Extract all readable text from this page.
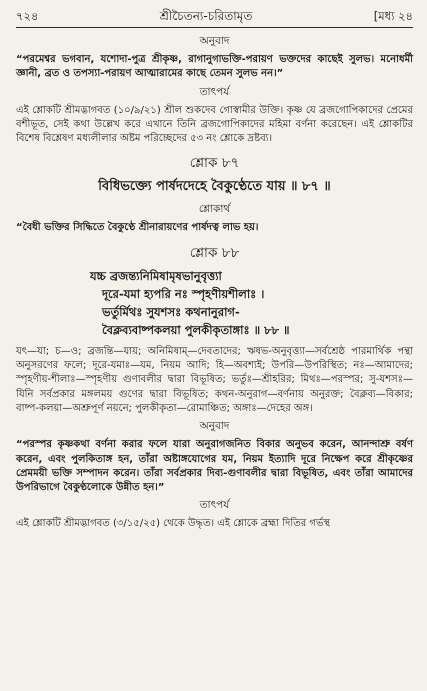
৭২৪	শ্রীচৈতন্য-চরিতামৃত	[মধ্য ২৪
অনুবাদ

“পরমেশ্বর ভগবান, যশোদা-পুত্র শ্রীকৃষ্ণ, রাগানুগাভক্তি-পরায়ণ ভক্তদের কাছেই সুলভ। মনোধর্মী জ্ঞানী, ব্রত ও তপস্যা-পরায়ণ আত্মারামের কাছে তেমন সুলভ নন।”

তাৎপর্য

এই শ্লোকটি শ্রীমদ্ভাগবত (১০/৯/২১) শ্রীল শুকদেব গোস্বামীর উক্তি। কৃষ্ণ যে ব্রজগোপিকাদের প্রেমের বশীভূত, সেই কথা উল্লেখ করে এখানে তিনি ব্রজগোপিকাদের মহিমা বর্ণনা করেছেন। এই শ্লোকটির বিশেষ বিশ্লেষণ মধ্যলীলার অষ্টম পরিচ্ছেদের ৫৩ নং শ্লোকে দ্রষ্টব্য।

শ্লোক ৮৭
বিধিভক্ত্যে পার্ষদদেহে বৈকুণ্ঠেতে যায় ॥ ৮৭ ॥
শ্লোকার্থ

“বৈধী ভক্তির সিদ্ধিতে বৈকুণ্ঠে শ্রীনারায়ণের পার্ষদত্ব লাভ হয়।

শ্লোক ৮৮
যচ্চ ব্রজন্ত্যনিমিষামৃষভানুবৃত্ত্যা
দূরে-যমা হ্যপরি নঃ স্পৃহণীয়শীলাঃ ।
ভর্তুর্মিথঃ সুযশসঃ কথনানুরাগ-
বৈক্লব্যবাষ্পকলয়া পুলকীকৃতাঙ্গাঃ ॥ ৮৮ ॥

যৎ—যা; চ—ও; ব্রজন্তি—যায়; অনিমিষাম্—দেবতাদের; ঋষভ-অনুবৃত্ত্যা—সর্বশ্রেষ্ঠ পারমার্থিক পন্থা অনুসরণের ফলে; দূরে-যমাঃ—যম, নিয়ম আদি; হি—অবশ্যই; উপরি—উপরিস্থিত; নঃ—আমাদের; স্পৃহণীয়-শীলাঃ—স্পৃহণীয় গুণাবলীর দ্বারা বিভূষিত; ভর্তুঃ—শ্রীহরির; মিথঃ—পরস্পর; সু-যশসঃ—যিনি সর্বপ্রকার মঙ্গলময় গুণের দ্বারা বিভূষিত; কথন-অনুরাগ—বর্ণনায় অনুরক্ত; বৈক্লব্য—বিকার; বাষ্প-কলয়া—অশ্রুপূর্ণ নয়নে; পুলকীকৃতা—রোমাঞ্চিত; অঙ্গাঃ—দেহের অঙ্গ।

অনুবাদ

“পরস্পর কৃষ্ণকথা বর্ণনা করার ফলে যারা অনুরাগজনিত বিকার অনুভব করেন, আনন্দাশ্রু বর্ষণ করেন, এবং পুলকিতাঙ্গ হন, তাঁরা অষ্টাঙ্গযোগের যম, নিয়ম ইত্যাদি দূরে নিক্ষেপ করে শ্রীকৃষ্ণের প্রেমময়ী ভক্তি সম্পাদন করেন। তাঁরা সর্বপ্রকার দিব্য-গুণাবলীর দ্বারা বিভূষিত, এবং তাঁরা আমাদের উপরিভাগে বৈকুণ্ঠলোকে উন্নীত হন।”

তাৎপর্য

এই শ্লোকটি শ্রীমদ্ভাগবত (৩/১৫/২৫) থেকে উদ্ধৃত। এই শ্লোকে ব্রহ্মা দিতির গর্ভস্থ
